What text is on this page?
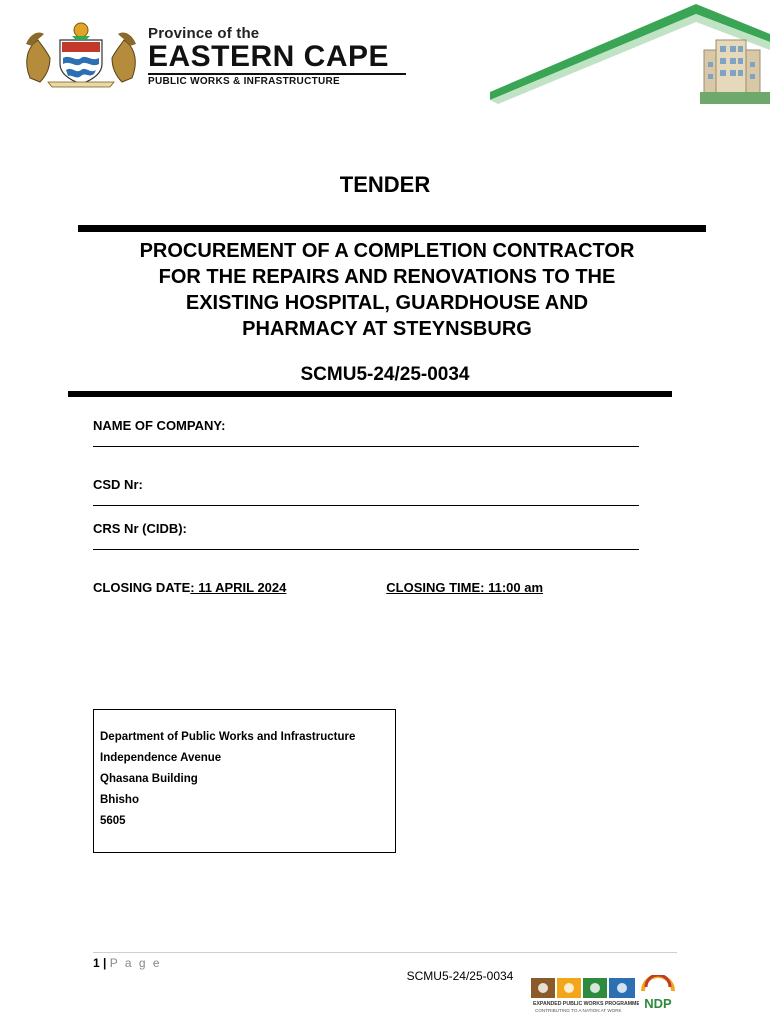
Province of the
EASTERN CAPE
PUBLIC WORKS & INFRASTRUCTURE
TENDER
PROCUREMENT OF A COMPLETION CONTRACTOR
FOR THE REPAIRS AND RENOVATIONS TO THE
EXISTING HOSPITAL, GUARDHOUSE AND
PHARMACY AT STEYNSBURG
SCMU5-24/25-0034
NAME OF COMPANY:
CSD Nr:
CRS Nr (CIDB):
CLOSING DATE: 11 APRIL 2024	CLOSING TIME: 11:00 am
Department of Public Works and Infrastructure
Independence Avenue
Qhasana Building
Bhisho
5605
1 | P a g e
SCMU5-24/25-0034
EXPANDED PUBLIC WORKS PROGRAMME
CONTRIBUTING TO A NATION AT WORK NDP
